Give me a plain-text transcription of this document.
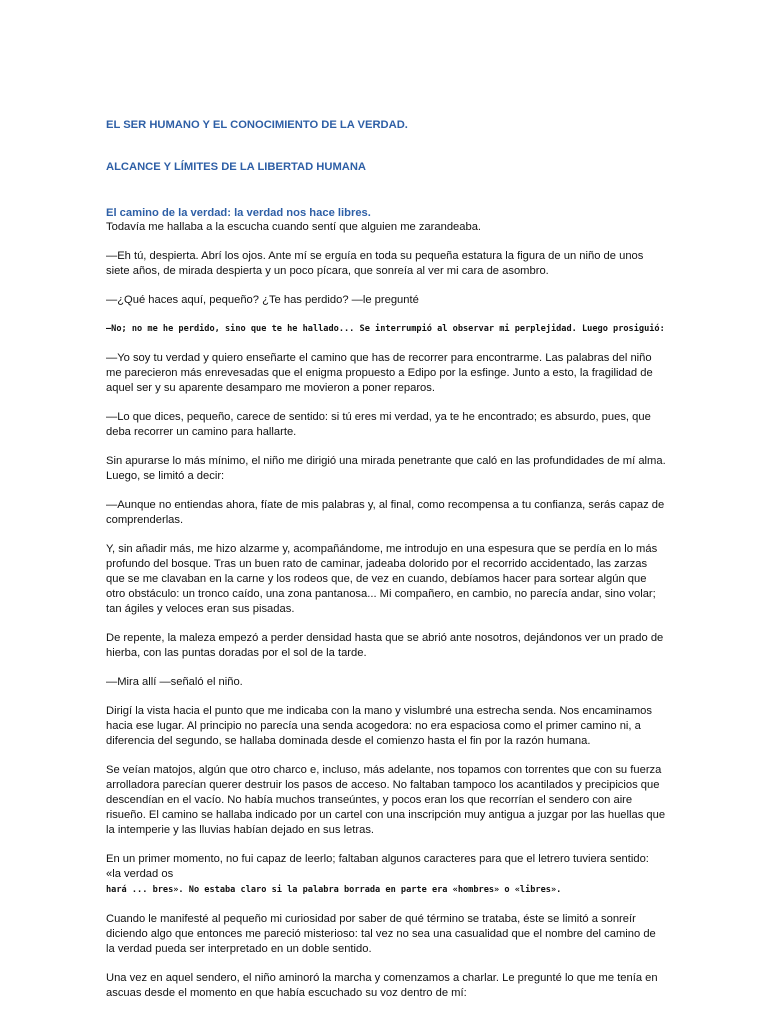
EL SER HUMANO Y EL CONOCIMIENTO DE LA VERDAD.
ALCANCE Y LÍMITES DE LA LIBERTAD HUMANA
El camino de la verdad: la verdad nos hace libres.

Todavía me hallaba a la escucha cuando sentí que alguien me zarandeaba.

—Eh tú, despierta. Abrí los ojos. Ante mí se erguía en toda su pequeña estatura la figura de un niño de unos siete años, de mirada despierta y un poco pícara, que sonreía al ver mi cara de asombro.

—¿Qué haces aquí, pequeño? ¿Te has perdido? —le pregunté

—No; no me he perdido, sino que te he hallado... Se interrumpió al observar mi perplejidad. Luego prosiguió:

—Yo soy tu verdad y quiero enseñarte el camino que has de recorrer para encontrarme. Las palabras del niño me parecieron más enrevesadas que el enigma propuesto a Edipo por la esfinge. Junto a esto, la fragilidad de aquel ser y su aparente desamparo me movieron a poner reparos.

—Lo que dices, pequeño, carece de sentido: si tú eres mi verdad, ya te he encontrado; es absurdo, pues, que deba recorrer un camino para hallarte.

Sin apurarse lo más mínimo, el niño me dirigió una mirada penetrante que caló en las profundidades de mí alma. Luego, se limitó a decir:

—Aunque no entiendas ahora, fíate de mis palabras y, al final, como recompensa a tu confianza, serás capaz de comprenderlas.

Y, sin añadir más, me hizo alzarme y, acompañándome, me introdujo en una espesura que se perdía en lo más profundo del bosque. Tras un buen rato de caminar, jadeaba dolorido por el recorrido accidentado, las zarzas que se me clavaban en la carne y los rodeos que, de vez en cuando, debíamos hacer para sortear algún que otro obstáculo: un tronco caído, una zona pantanosa... Mi compañero, en cambio, no parecía andar, sino volar; tan ágiles y veloces eran sus pisadas.

De repente, la maleza empezó a perder densidad hasta que se abrió ante nosotros, dejándonos ver un prado de hierba, con las puntas doradas por el sol de la tarde.

—Mira allí —señaló el niño.

Dirigí la vista hacia el punto que me indicaba con la mano y vislumbré una estrecha senda. Nos encaminamos hacia ese lugar. Al principio no parecía una senda acogedora: no era espaciosa como el primer camino ni, a diferencia del segundo, se hallaba dominada desde el comienzo hasta el fin por la razón humana.

Se veían matojos, algún que otro charco e, incluso, más adelante, nos topamos con torrentes que con su fuerza arrolladora parecían querer destruir los pasos de acceso. No faltaban tampoco los acantilados y precipicios que descendían en el vacío. No había muchos transeúntes, y pocos eran los que recorrían el sendero con aire risueño. El camino se hallaba indicado por un cartel con una inscripción muy antigua a juzgar por las huellas que la intemperie y las lluvias habían dejado en sus letras.

En un primer momento, no fui capaz de leerlo; faltaban algunos caracteres para que el letrero tuviera sentido: «la verdad os
hará ... bres». No estaba claro si la palabra borrada en parte era «hombres» o «libres».

Cuando le manifesté al pequeño mi curiosidad por saber de qué término se trataba, éste se limitó a sonreír diciendo algo que entonces me pareció misterioso: tal vez no sea una casualidad que el nombre del camino de la verdad pueda ser interpretado en un doble sentido.

Una vez en aquel sendero, el niño aminoró la marcha y comenzamos a charlar. Le pregunté lo que me tenía en ascuas desde el momento en que había escuchado su voz dentro de mí:
